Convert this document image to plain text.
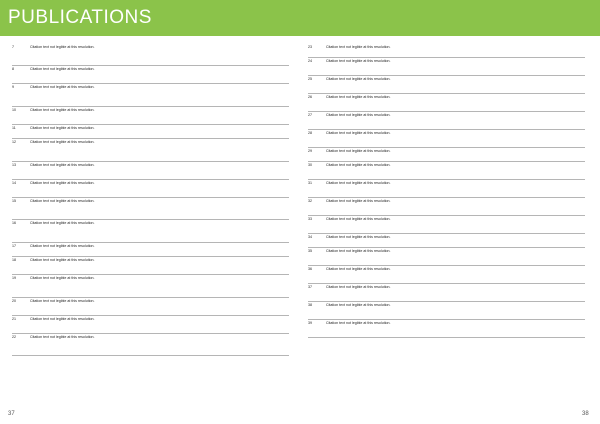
PUBLICATIONS
7	Citation text not legible at this resolution.
8	Citation text not legible at this resolution.
9	Citation text not legible at this resolution.
10	Citation text not legible at this resolution.
11	Citation text not legible at this resolution.
12	Citation text not legible at this resolution.
13	Citation text not legible at this resolution.
14	Citation text not legible at this resolution.
15	Citation text not legible at this resolution.
16	Citation text not legible at this resolution.
17	Citation text not legible at this resolution.
18	Citation text not legible at this resolution.
19	Citation text not legible at this resolution.
20	Citation text not legible at this resolution.
21	Citation text not legible at this resolution.
22	Citation text not legible at this resolution.
23	Citation text not legible at this resolution.
24	Citation text not legible at this resolution.
25	Citation text not legible at this resolution.
26	Citation text not legible at this resolution.
27	Citation text not legible at this resolution.
28	Citation text not legible at this resolution.
29	Citation text not legible at this resolution.
30	Citation text not legible at this resolution.
31	Citation text not legible at this resolution.
32	Citation text not legible at this resolution.
33	Citation text not legible at this resolution.
34	Citation text not legible at this resolution.
35	Citation text not legible at this resolution.
36	Citation text not legible at this resolution.
37	Citation text not legible at this resolution.
38	Citation text not legible at this resolution.
39	Citation text not legible at this resolution.
37	38
